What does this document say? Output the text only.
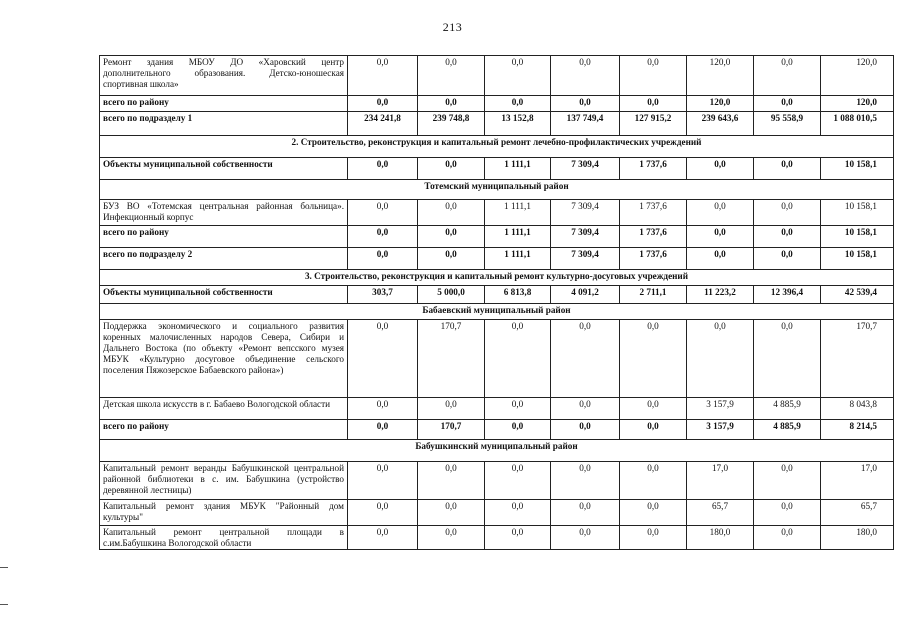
213
Ремонт здания МБОУ ДО «Харовский центр дополнительного образования. Детско-юношеская спортивная школа»	0,0	0,0	0,0	0,0	0,0	120,0	0,0	120,0
всего по району	0,0	0,0	0,0	0,0	0,0	120,0	0,0	120,0
всего по подразделу 1	234 241,8	239 748,8	13 152,8	137 749,4	127 915,2	239 643,6	95 558,9	1 088 010,5
2. Строительство, реконструкция и капитальный ремонт лечебно-профилактических учреждений								
Объекты муниципальной собственности	0,0	0,0	1 111,1	7 309,4	1 737,6	0,0	0,0	10 158,1
Тотемский муниципальный район								
БУЗ ВО «Тотемская центральная районная больница». Инфекционный корпус	0,0	0,0	1 111,1	7 309,4	1 737,6	0,0	0,0	10 158,1
всего по району	0,0	0,0	1 111,1	7 309,4	1 737,6	0,0	0,0	10 158,1
всего по подразделу 2	0,0	0,0	1 111,1	7 309,4	1 737,6	0,0	0,0	10 158,1
3. Строительство, реконструкция и капитальный ремонт культурно-досуговых учреждений								
Объекты муниципальной собственности	303,7	5 000,0	6 813,8	4 091,2	2 711,1	11 223,2	12 396,4	42 539,4
Бабаевский муниципальный район								
Поддержка экономического и социального развития коренных малочисленных народов Севера, Сибири и Дальнего Востока (по объекту «Ремонт вепсского музея МБУК «Культурно досуговое объединение сельского поселения Пяжозерское Бабаевского района»)	0,0	170,7	0,0	0,0	0,0	0,0	0,0	170,7
Детская школа искусств в г. Бабаево Вологодской области	0,0	0,0	0,0	0,0	0,0	3 157,9	4 885,9	8 043,8
всего по району	0,0	170,7	0,0	0,0	0,0	3 157,9	4 885,9	8 214,5
Бабушкинский муниципальный район								
Капитальный ремонт веранды Бабушкинской центральной районной библиотеки в с. им. Бабушкина (устройство деревянной лестницы)	0,0	0,0	0,0	0,0	0,0	17,0	0,0	17,0
Капитальный ремонт здания МБУК "Районный дом культуры"	0,0	0,0	0,0	0,0	0,0	65,7	0,0	65,7
Капитальный ремонт центральной площади в с.им.Бабушкина Вологодской области	0,0	0,0	0,0	0,0	0,0	180,0	0,0	180,0
